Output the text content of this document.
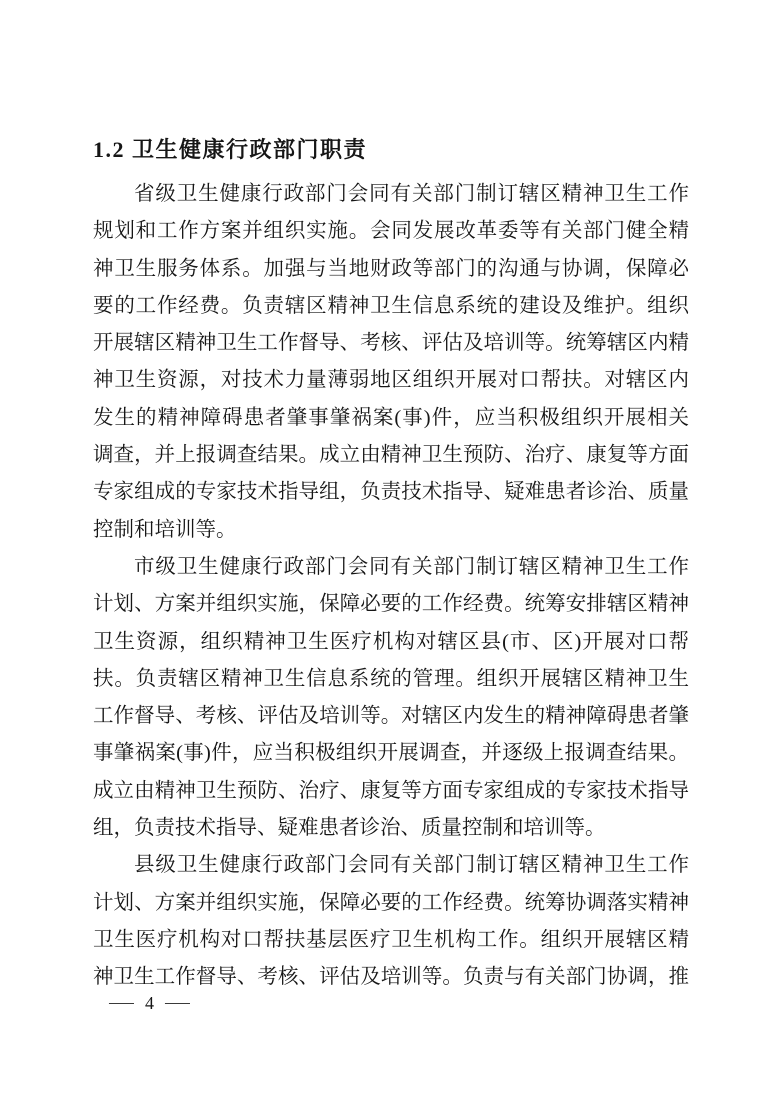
1.2 卫生健康行政部门职责
省级卫生健康行政部门会同有关部门制订辖区精神卫生工作
规划和工作方案并组织实施。会同发展改革委等有关部门健全精
神卫生服务体系。加强与当地财政等部门的沟通与协调，保障必
要的工作经费。负责辖区精神卫生信息系统的建设及维护。组织
开展辖区精神卫生工作督导、考核、评估及培训等。统筹辖区内精
神卫生资源，对技术力量薄弱地区组织开展对口帮扶。对辖区内
发生的精神障碍患者肇事肇祸案(事)件，应当积极组织开展相关
调查，并上报调查结果。成立由精神卫生预防、治疗、康复等方面
专家组成的专家技术指导组，负责技术指导、疑难患者诊治、质量
控制和培训等。
市级卫生健康行政部门会同有关部门制订辖区精神卫生工作
计划、方案并组织实施，保障必要的工作经费。统筹安排辖区精神
卫生资源，组织精神卫生医疗机构对辖区县(市、区)开展对口帮
扶。负责辖区精神卫生信息系统的管理。组织开展辖区精神卫生
工作督导、考核、评估及培训等。对辖区内发生的精神障碍患者肇
事肇祸案(事)件，应当积极组织开展调查，并逐级上报调查结果。
成立由精神卫生预防、治疗、康复等方面专家组成的专家技术指导
组，负责技术指导、疑难患者诊治、质量控制和培训等。
县级卫生健康行政部门会同有关部门制订辖区精神卫生工作
计划、方案并组织实施，保障必要的工作经费。统筹协调落实精神
卫生医疗机构对口帮扶基层医疗卫生机构工作。组织开展辖区精
神卫生工作督导、考核、评估及培训等。负责与有关部门协调，推
— 4 —
